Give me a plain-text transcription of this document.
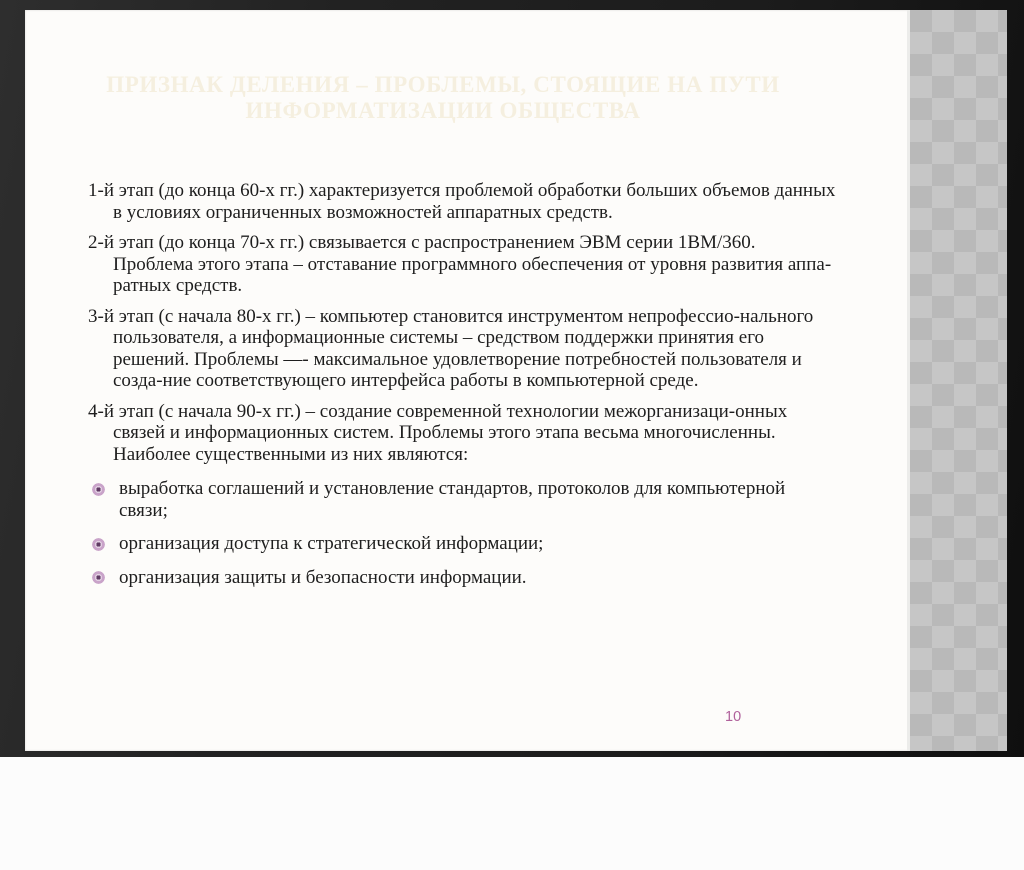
ПРИЗНАК ДЕЛЕНИЯ – ПРОБЛЕМЫ, СТОЯЩИЕ НА ПУТИ ИНФОРМАТИЗАЦИИ ОБЩЕСТВА

1-й этап (до конца 60-х гг.) характеризуется проблемой обработки больших объемов данных в условиях ограниченных возможностей аппаратных средств.

2-й этап (до конца 70-х гг.) связывается с распространением ЭВМ серии 1ВМ/360. Проблема этого этапа – отставание программного обеспечения от уровня развития аппа-ратных средств.

3-й этап (с начала 80-х гг.) – компьютер становится инструментом непрофессио-нального пользователя, а информационные системы – средством поддержки принятия его решений. Проблемы —- максимальное удовлетворение потребностей пользователя и созда-ние соответствующего интерфейса работы в компьютерной среде.

4-й этап (с начала 90-х гг.) – создание современной технологии межорганизаци-онных связей и информационных систем. Проблемы этого этапа весьма многочисленны. Наиболее существенными из них являются:

выработка соглашений и установление стандартов, протоколов для компьютерной связи;
организация доступа к стратегической информации;
организация защиты и безопасности информации.
10
